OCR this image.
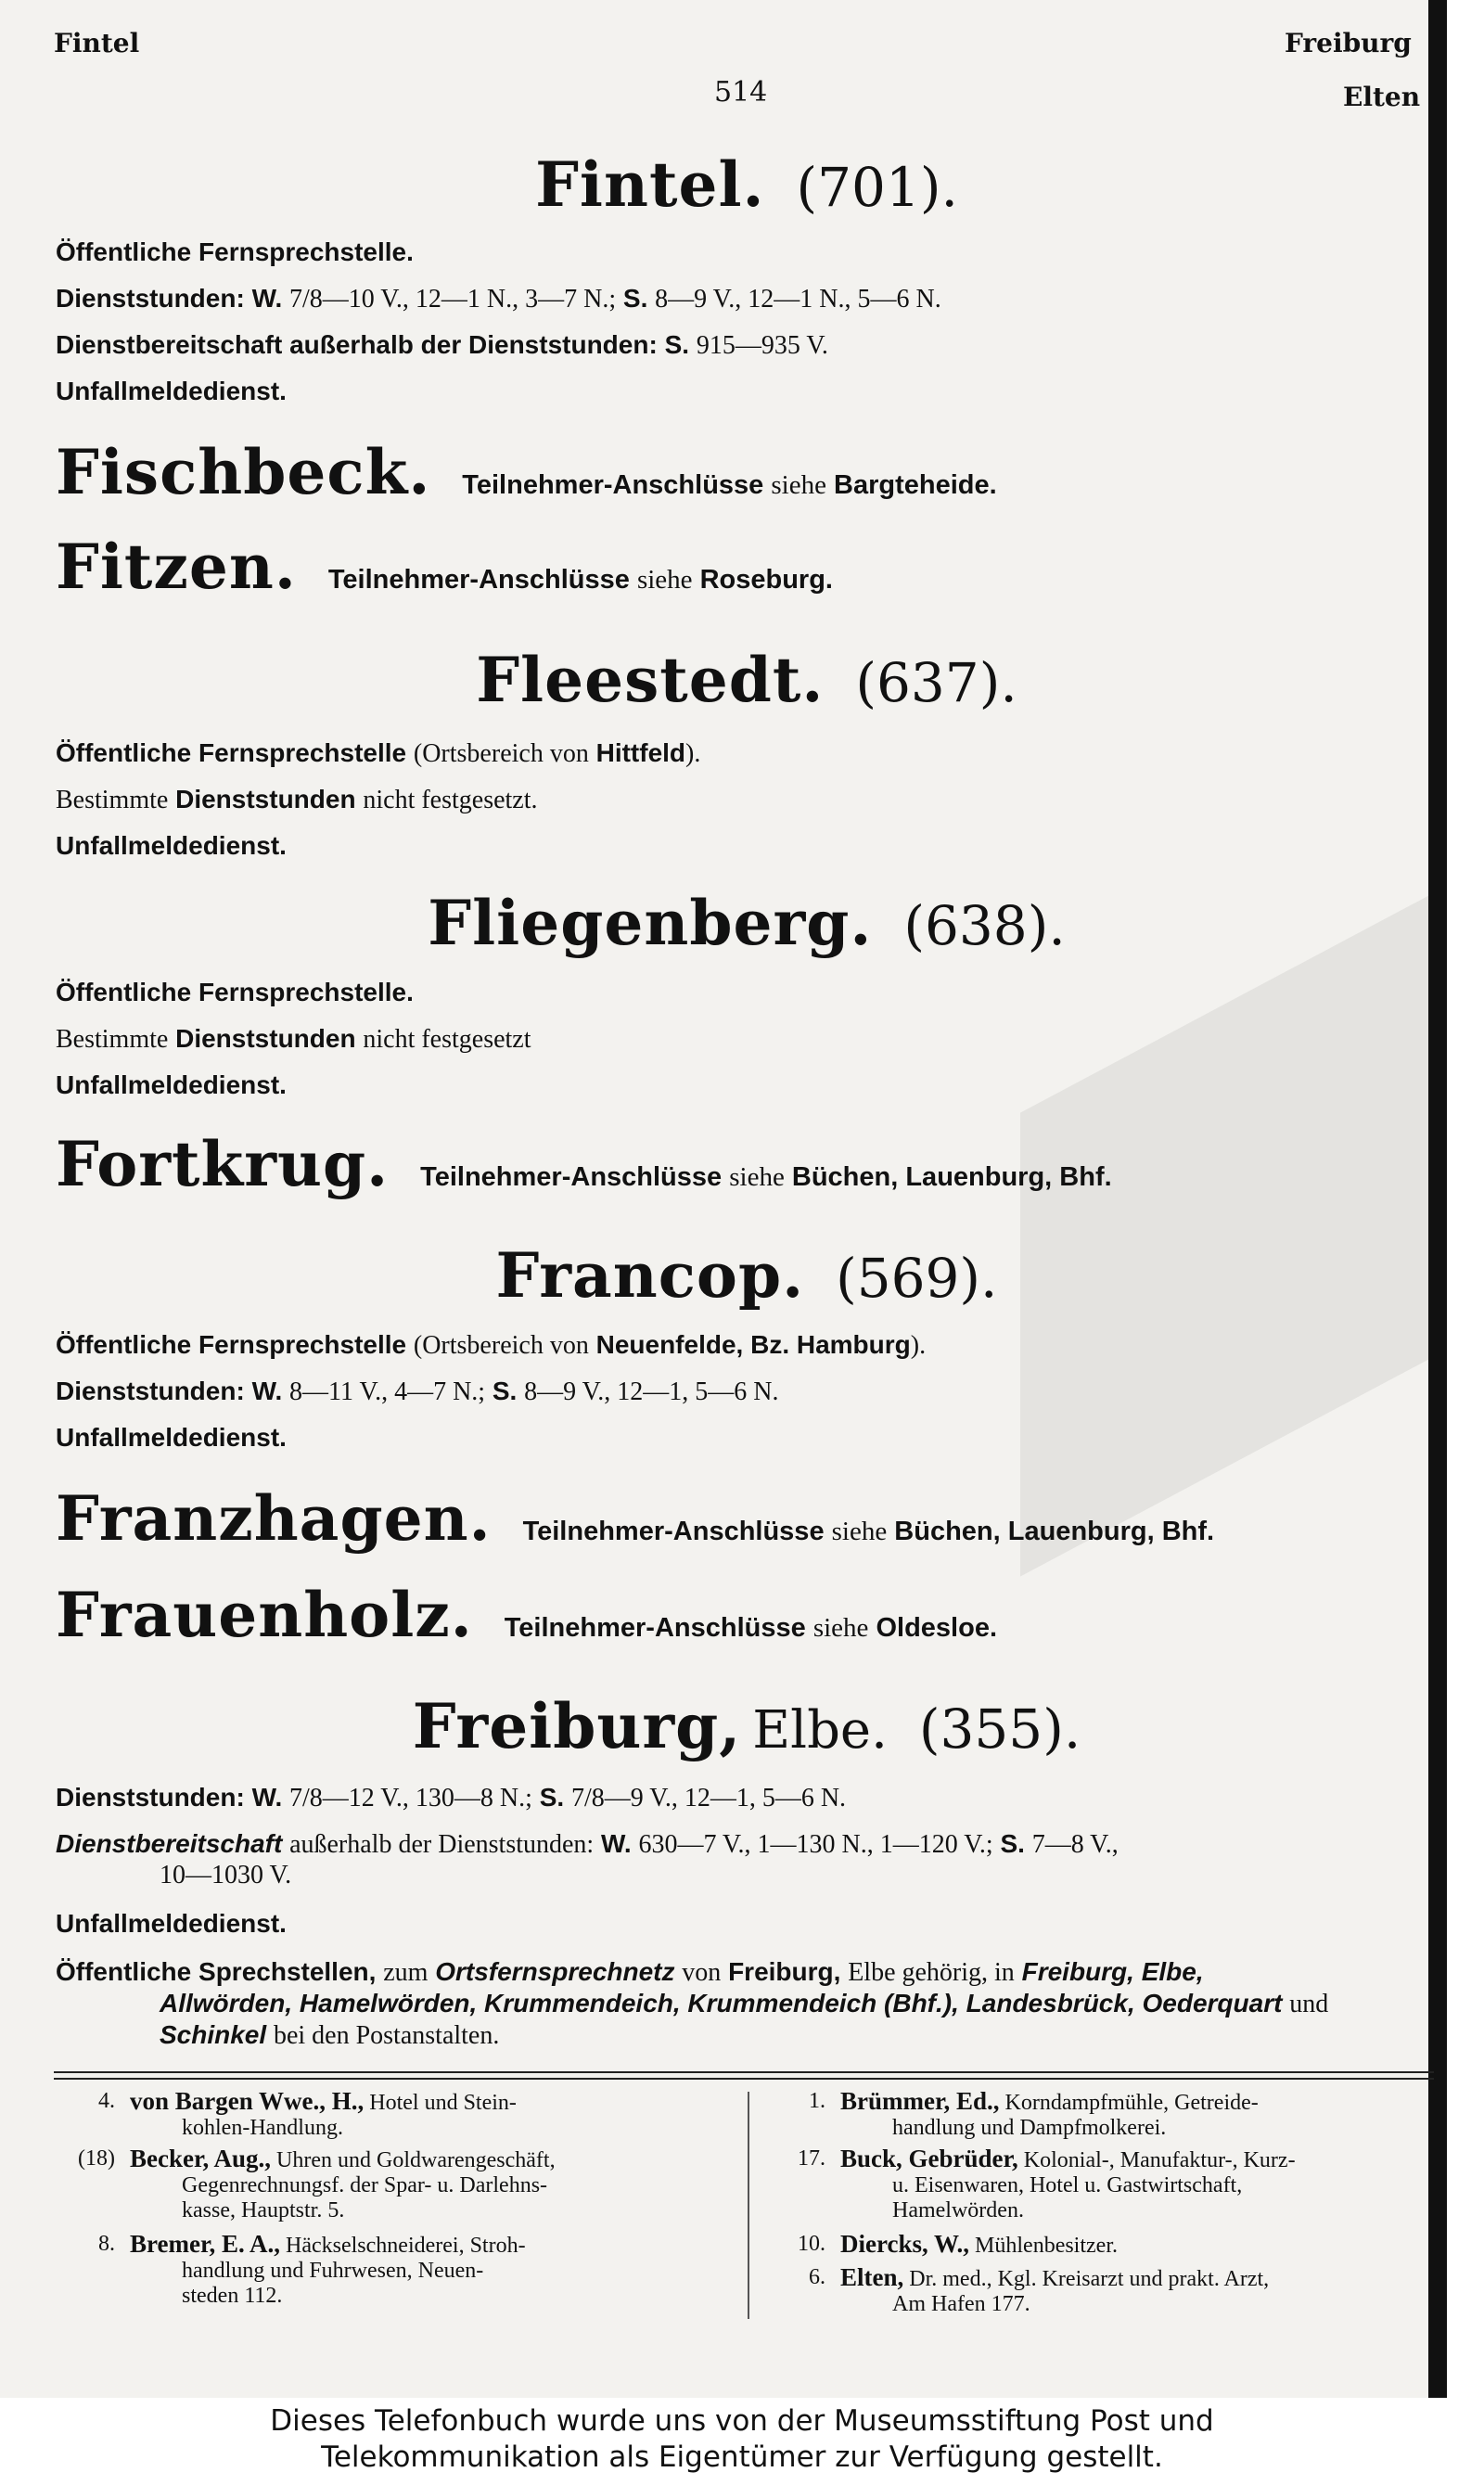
Fintel	Freiburg
Elten
514
Fintel. (701).
Öffentliche Fernsprechstelle.
Dienststunden: W. 7/8—10 V., 12—1 N., 3—7 N.; S. 8—9 V., 12—1 N., 5—6 N.
Dienstbereitschaft außerhalb der Dienststunden: S. 915—935 V.
Unfallmeldedienst.
Fischbeck. Teilnehmer-Anschlüsse siehe Bargteheide.
Fitzen. Teilnehmer-Anschlüsse siehe Roseburg.
Fleestedt. (637).
Öffentliche Fernsprechstelle (Ortsbereich von Hittfeld).
Bestimmte Dienststunden nicht festgesetzt.
Unfallmeldedienst.
Fliegenberg. (638).
Öffentliche Fernsprechstelle.
Bestimmte Dienststunden nicht festgesetzt
Unfallmeldedienst.
Fortkrug. Teilnehmer-Anschlüsse siehe Büchen, Lauenburg, Bhf.
Francop. (569).
Öffentliche Fernsprechstelle (Ortsbereich von Neuenfelde, Bz. Hamburg).
Dienststunden: W. 8—11 V., 4—7 N.; S. 8—9 V., 12—1, 5—6 N.
Unfallmeldedienst.
Franzhagen. Teilnehmer-Anschlüsse siehe Büchen, Lauenburg, Bhf.
Frauenholz. Teilnehmer-Anschlüsse siehe Oldesloe.
Freiburg, Elbe. (355).
Dienststunden: W. 7/8—12 V., 130—8 N.; S. 7/8—9 V., 12—1, 5—6 N.
Dienstbereitschaft außerhalb der Dienststunden: W. 630—7 V., 1—130 N., 1—120 V.; S. 7—8 V.,
10—1030 V.
Unfallmeldedienst.
Öffentliche Sprechstellen, zum Ortsfernsprechnetz von Freiburg, Elbe gehörig, in Freiburg, Elbe,
Allwörden, Hamelwörden, Krummendeich, Krummendeich (Bhf.), Landesbrück, Oederquart und
Schinkel bei den Postanstalten.
4. von Bargen Wwe., H., Hotel und Stein-
kohlen-Handlung.
(18) Becker, Aug., Uhren und Goldwarengeschäft,
Gegenrechnungsf. der Spar- u. Darlehns-
kasse, Hauptstr. 5.
8. Bremer, E. A., Häckselschneiderei, Stroh-
handlung und Fuhrwesen, Neuen-
steden 112.
1. Brümmer, Ed., Korndampfmühle, Getreide-
handlung und Dampfmolkerei.
17. Buck, Gebrüder, Kolonial-, Manufaktur-, Kurz-
u. Eisenwaren, Hotel u. Gastwirtschaft,
Hamelwörden.
10. Diercks, W., Mühlenbesitzer.
6. Elten, Dr. med., Kgl. Kreisarzt und prakt. Arzt,
Am Hafen 177.
Dieses Telefonbuch wurde uns von der Museumsstiftung Post und
Telekommunikation als Eigentümer zur Verfügung gestellt.
